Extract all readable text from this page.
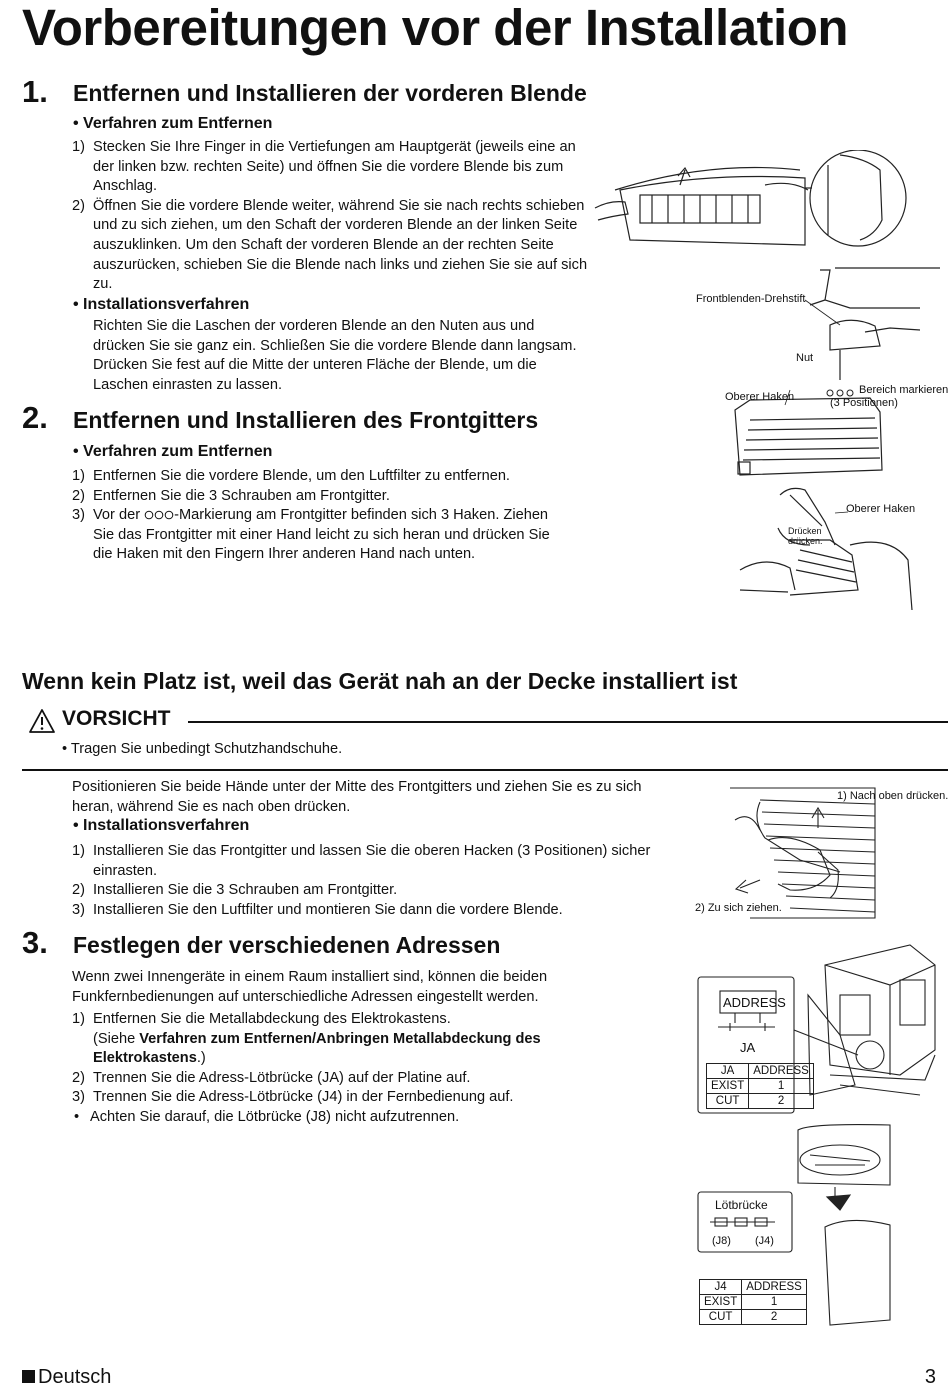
Vorbereitungen vor der Installation
1. Entfernen und Installieren der vorderen Blende
• Verfahren zum Entfernen
1) Stecken Sie Ihre Finger in die Vertiefungen am Hauptgerät (jeweils eine an der linken bzw. rechten Seite) und öffnen Sie die vordere Blende bis zum Anschlag.
2) Öffnen Sie die vordere Blende weiter, während Sie sie nach rechts schieben und zu sich ziehen, um den Schaft der vorderen Blende an der linken Seite auszuklinken. Um den Schaft der vorderen Blende an der rechten Seite auszurücken, schieben Sie die Blende nach links und ziehen Sie sie auf sich zu.
• Installationsverfahren
Richten Sie die Laschen der vorderen Blende an den Nuten aus und drücken Sie sie ganz ein. Schließen Sie die vordere Blende dann langsam. Drücken Sie fest auf die Mitte der unteren Fläche der Blende, um die Laschen einrasten zu lassen.
2. Entfernen und Installieren des Frontgitters
• Verfahren zum Entfernen
1) Entfernen Sie die vordere Blende, um den Luftfilter zu entfernen.
2) Entfernen Sie die 3 Schrauben am Frontgitter.
3) Vor der -Markierung am Frontgitter befinden sich 3 Haken. Ziehen Sie das Frontgitter mit einer Hand leicht zu sich heran und drücken Sie die Haken mit den Fingern Ihrer anderen Hand nach unten.
Frontblenden-Drehstift
Nut
Oberer Haken
Bereich markieren
(3 Positionen)
Oberer Haken
Drücken
drücken.
Wenn kein Platz ist, weil das Gerät nah an der Decke installiert ist
VORSICHT
• Tragen Sie unbedingt Schutzhandschuhe.
Positionieren Sie beide Hände unter der Mitte des Frontgitters und ziehen Sie es zu sich heran, während Sie es nach oben drücken.
• Installationsverfahren
1) Installieren Sie das Frontgitter und lassen Sie die oberen Hacken (3 Positionen) sicher einrasten.
2) Installieren Sie die 3 Schrauben am Frontgitter.
3) Installieren Sie den Luftfilter und montieren Sie dann die vordere Blende.
1) Nach oben drücken.
2) Zu sich ziehen.
3. Festlegen der verschiedenen Adressen
Wenn zwei Innengeräte in einem Raum installiert sind, können die beiden Funkfernbedienungen auf unterschiedliche Adressen eingestellt werden.
1) Entfernen Sie die Metallabdeckung des Elektrokastens.
(Siehe Verfahren zum Entfernen/Anbringen Metallabdeckung des Elektrokastens.)
2) Trennen Sie die Adress-Lötbrücke (JA) auf der Platine auf.
3) Trennen Sie die Adress-Lötbrücke (J4) in der Fernbedienung auf.
• Achten Sie darauf, die Lötbrücke (J8) nicht aufzutrennen.
ADDRESS
JA
Lötbrücke
(J8) (J4)
JA	ADDRESS
EXIST	1
CUT	2
J4	ADDRESS
EXIST	1
CUT	2
Deutsch	3
